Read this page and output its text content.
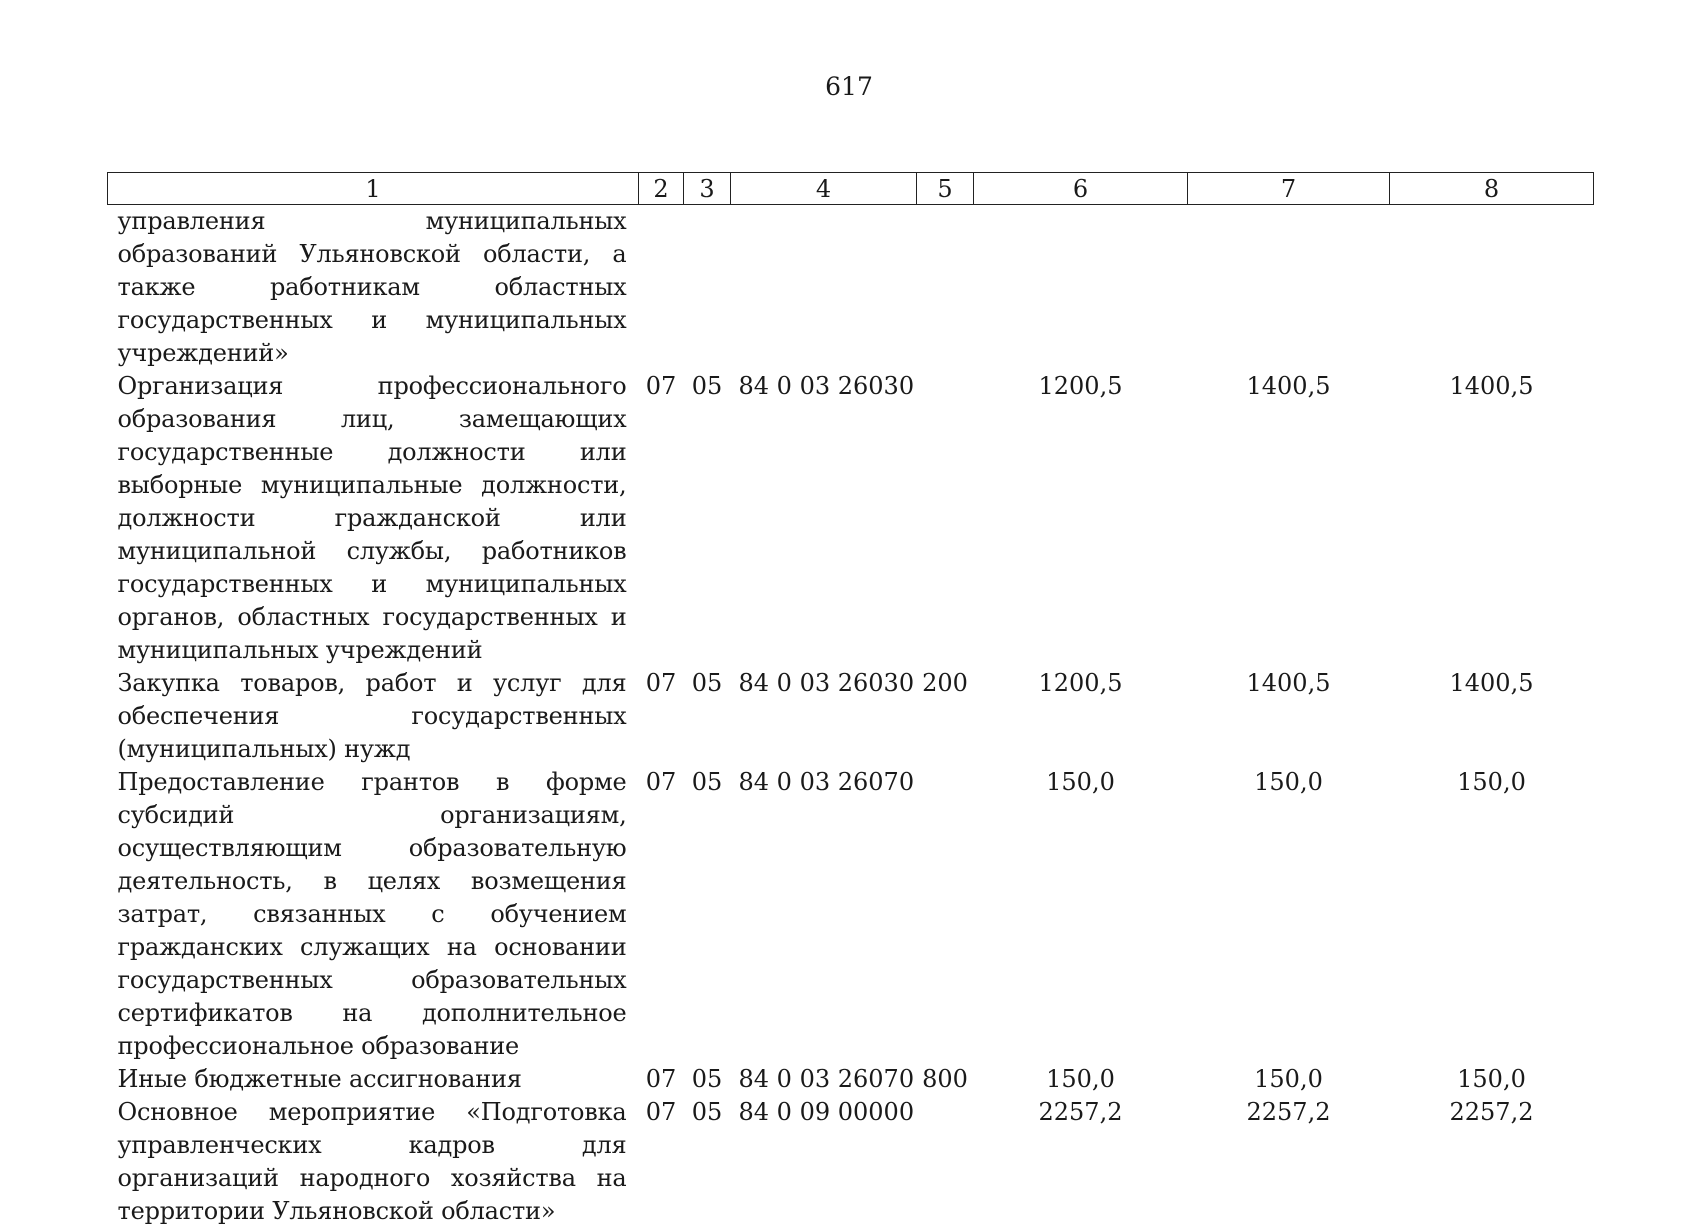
617
1	2	3	4	5	6	7	8
управления муниципальных образований Ульяновской области, а также работникам областных государственных и муниципальных учреждений»							
Организация профессионального образования лиц, замещающих государственные должности или выборные муниципальные должности, должности гражданской или муниципальной службы, работников государственных и муниципальных органов, областных государственных и муниципальных учреждений	07	05	84 0 03 26030		1200,5	1400,5	1400,5
Закупка товаров, работ и услуг для обеспечения государственных (муниципальных) нужд	07	05	84 0 03 26030	200	1200,5	1400,5	1400,5
Предоставление грантов в форме субсидий организациям, осуществляющим образовательную деятельность, в целях возмещения затрат, связанных с обучением гражданских служащих на основании государственных образовательных сертификатов на дополнительное профессиональное образование	07	05	84 0 03 26070		150,0	150,0	150,0
Иные бюджетные ассигнования	07	05	84 0 03 26070	800	150,0	150,0	150,0
Основное мероприятие «Подготовка управленческих кадров для организаций народного хозяйства на территории Ульяновской области»	07	05	84 0 09 00000		2257,2	2257,2	2257,2
